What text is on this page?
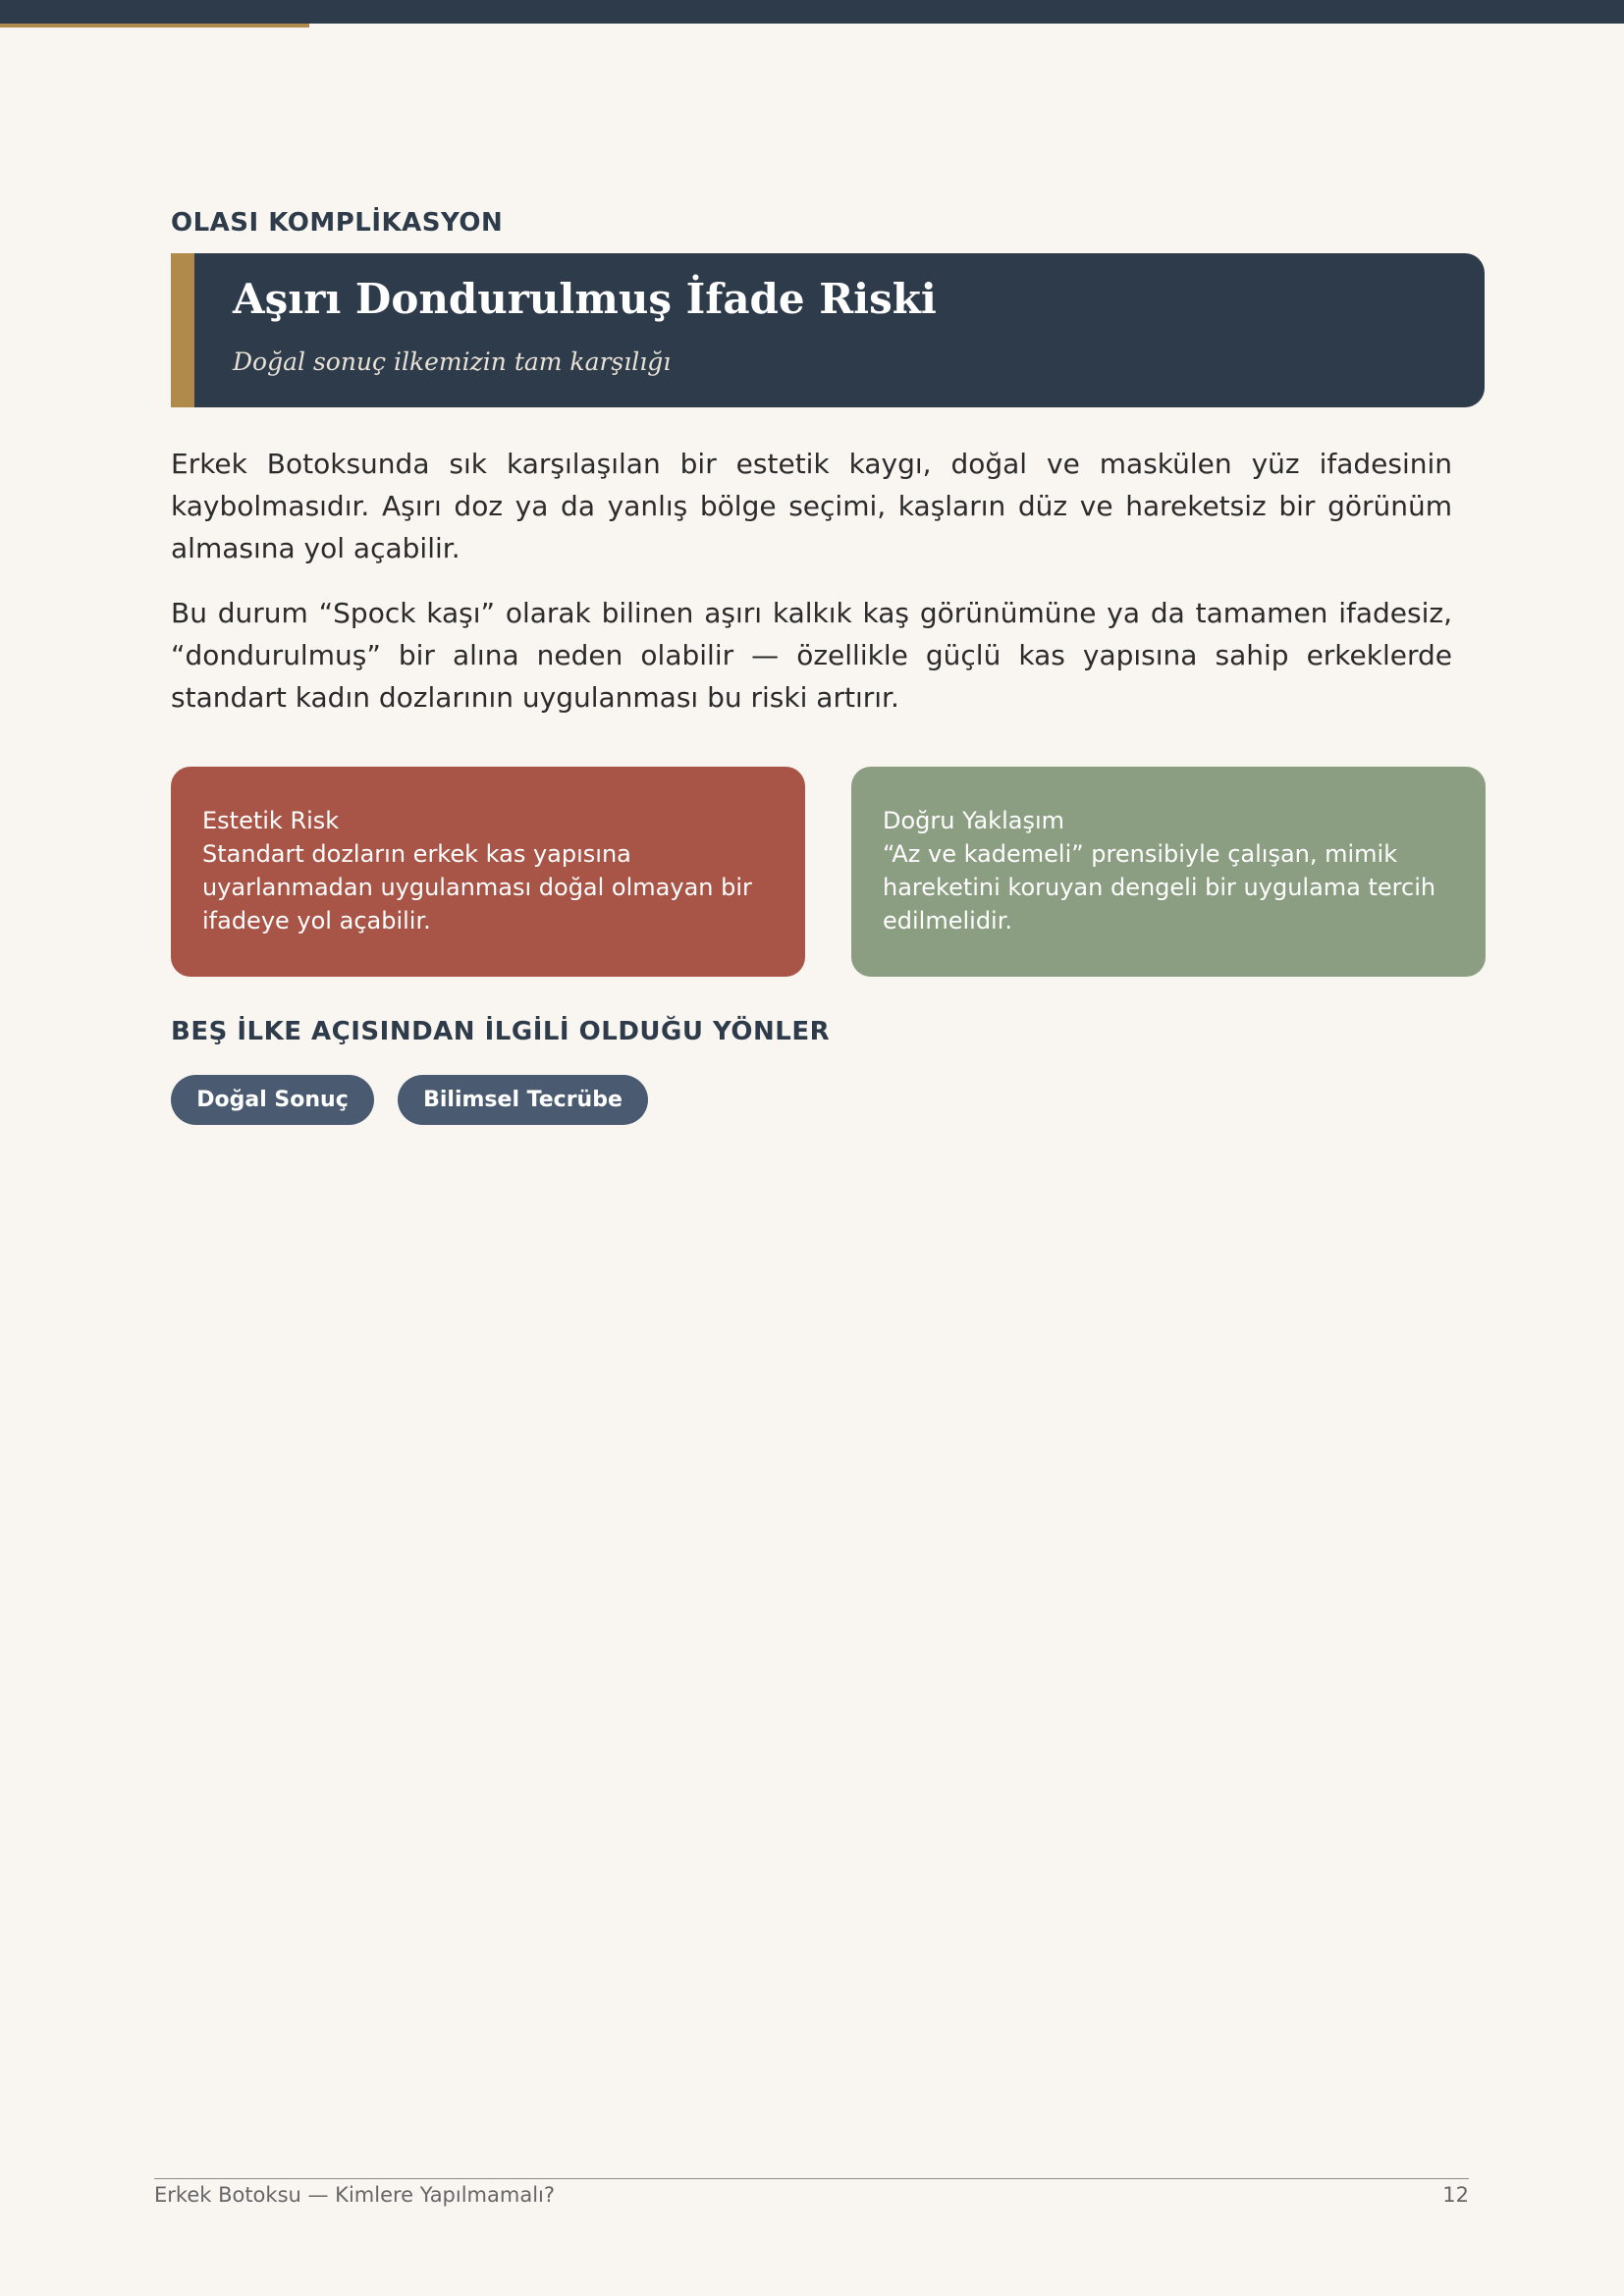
OLASI KOMPLİKASYON
Aşırı Dondurulmuş İfade Riski
Doğal sonuç ilkemizin tam karşılığı

Erkek Botoksunda sık karşılaşılan bir estetik kaygı, doğal ve maskülen yüz ifadesinin kaybolmasıdır. Aşırı doz ya da yanlış bölge seçimi, kaşların düz ve hareketsiz bir görünüm almasına yol açabilir.

Bu durum “Spock kaşı” olarak bilinen aşırı kalkık kaş görünümüne ya da tamamen ifadesiz, “dondurulmuş” bir alına neden olabilir — özellikle güçlü kas yapısına sahip erkeklerde standart kadın dozlarının uygulanması bu riski artırır.

Estetik Risk
Standart dozların erkek kas yapısına uyarlanmadan uygulanması doğal olmayan bir ifadeye yol açabilir.
Doğru Yaklaşım
“Az ve kademeli” prensibiyle çalışan, mimik hareketini koruyan dengeli bir uygulama tercih edilmelidir.
BEŞ İLKE AÇISINDAN İLGİLİ OLDUĞU YÖNLER
Doğal Sonuç	Bilimsel Tecrübe
Erkek Botoksu — Kimlere Yapılmamalı?	12
